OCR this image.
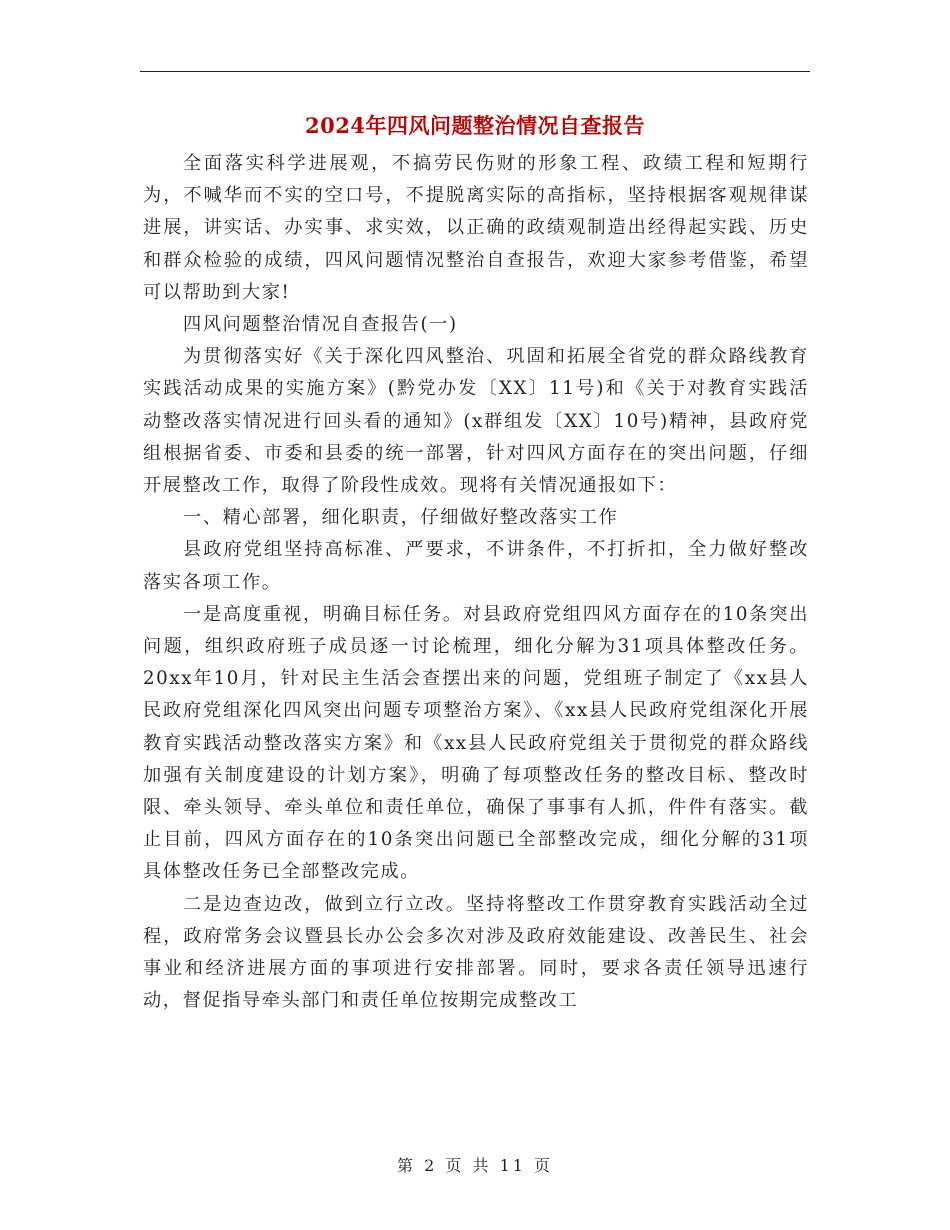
2024年四风问题整治情况自查报告

全面落实科学进展观，不搞劳民伤财的形象工程、政绩工程和短期行为，不喊华而不实的空口号，不提脱离实际的高指标，坚持根据客观规律谋进展，讲实话、办实事、求实效，以正确的政绩观制造出经得起实践、历史和群众检验的成绩，四风问题情况整治自查报告，欢迎大家参考借鉴，希望可以帮助到大家!

四风问题整治情况自查报告(一)

为贯彻落实好《关于深化四风整治、巩固和拓展全省党的群众路线教育实践活动成果的实施方案》(黔党办发〔XX〕11号)和《关于对教育实践活动整改落实情况进行回头看的通知》(x群组发〔XX〕10号)精神，县政府党组根据省委、市委和县委的统一部署，针对四风方面存在的突出问题，仔细开展整改工作，取得了阶段性成效。现将有关情况通报如下：

一、精心部署，细化职责，仔细做好整改落实工作

县政府党组坚持高标准、严要求，不讲条件，不打折扣，全力做好整改落实各项工作。

一是高度重视，明确目标任务。对县政府党组四风方面存在的10条突出问题，组织政府班子成员逐一讨论梳理，细化分解为31项具体整改任务。20xx年10月，针对民主生活会查摆出来的问题，党组班子制定了《xx县人民政府党组深化四风突出问题专项整治方案》、《xx县人民政府党组深化开展教育实践活动整改落实方案》和《xx县人民政府党组关于贯彻党的群众路线加强有关制度建设的计划方案》，明确了每项整改任务的整改目标、整改时限、牵头领导、牵头单位和责任单位，确保了事事有人抓，件件有落实。截止目前，四风方面存在的10条突出问题已全部整改完成，细化分解的31项具体整改任务已全部整改完成。

二是边查边改，做到立行立改。坚持将整改工作贯穿教育实践活动全过程，政府常务会议暨县长办公会多次对涉及政府效能建设、改善民生、社会事业和经济进展方面的事项进行安排部署。同时，要求各责任领导迅速行动，督促指导牵头部门和责任单位按期完成整改工

第 2 页 共 11 页
